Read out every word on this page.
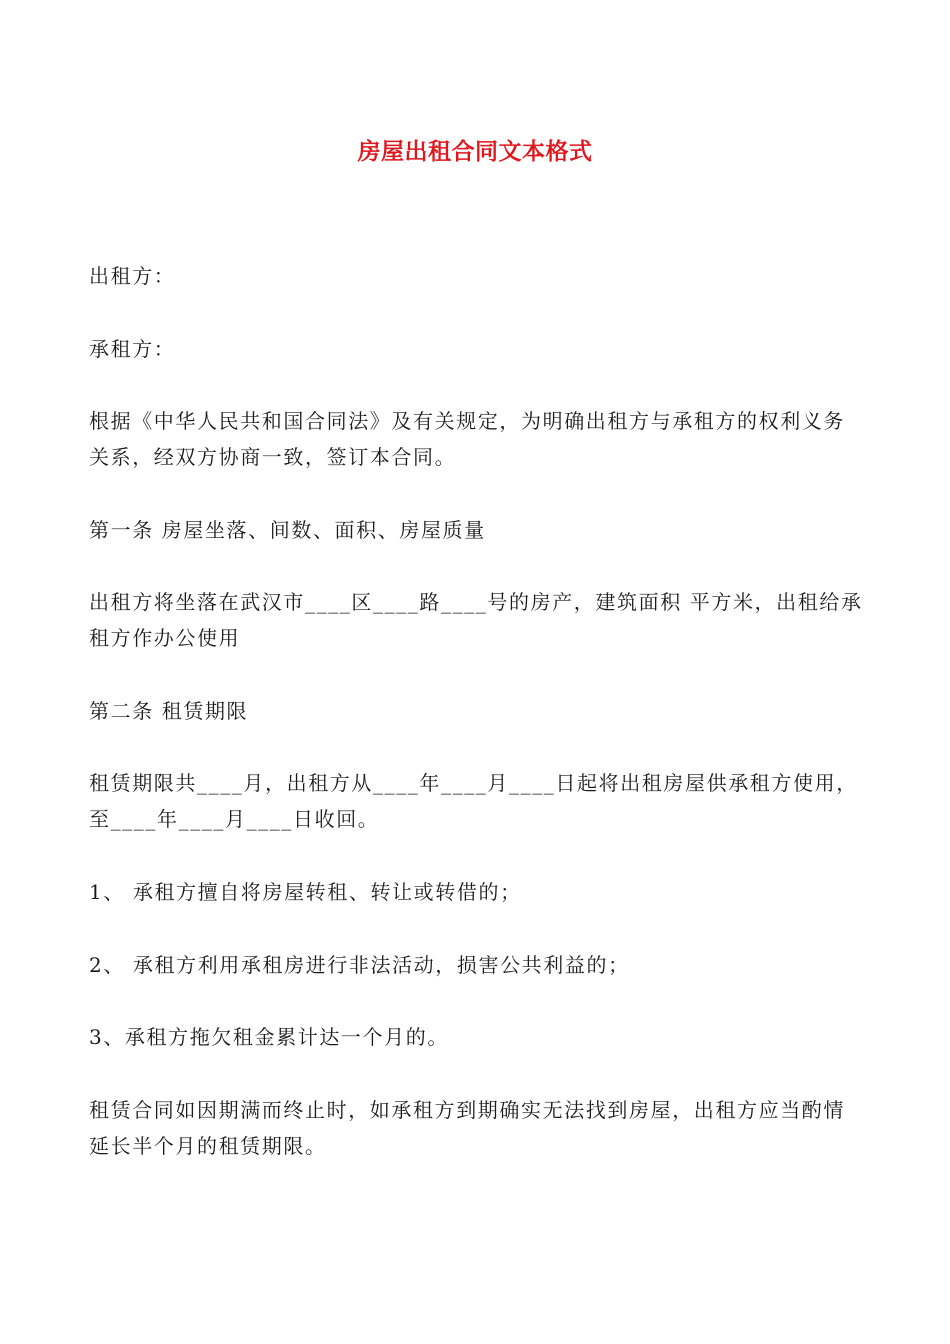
房屋出租合同文本格式
出租方：
承租方：
根据《中华人民共和国合同法》及有关规定，为明确出租方与承租方的权利义务关系，经双方协商一致，签订本合同。
第一条 房屋坐落、间数、面积、房屋质量
出租方将坐落在武汉市____区____路____号的房产，建筑面积 平方米，出租给承租方作办公使用
第二条 租赁期限
租赁期限共____月，出租方从____年____月____日起将出租房屋供承租方使用，至____年____月____日收回。
1、 承租方擅自将房屋转租、转让或转借的；
2、 承租方利用承租房进行非法活动，损害公共利益的；
3、承租方拖欠租金累计达一个月的。
租赁合同如因期满而终止时，如承租方到期确实无法找到房屋，出租方应当酌情延长半个月的租赁期限。
